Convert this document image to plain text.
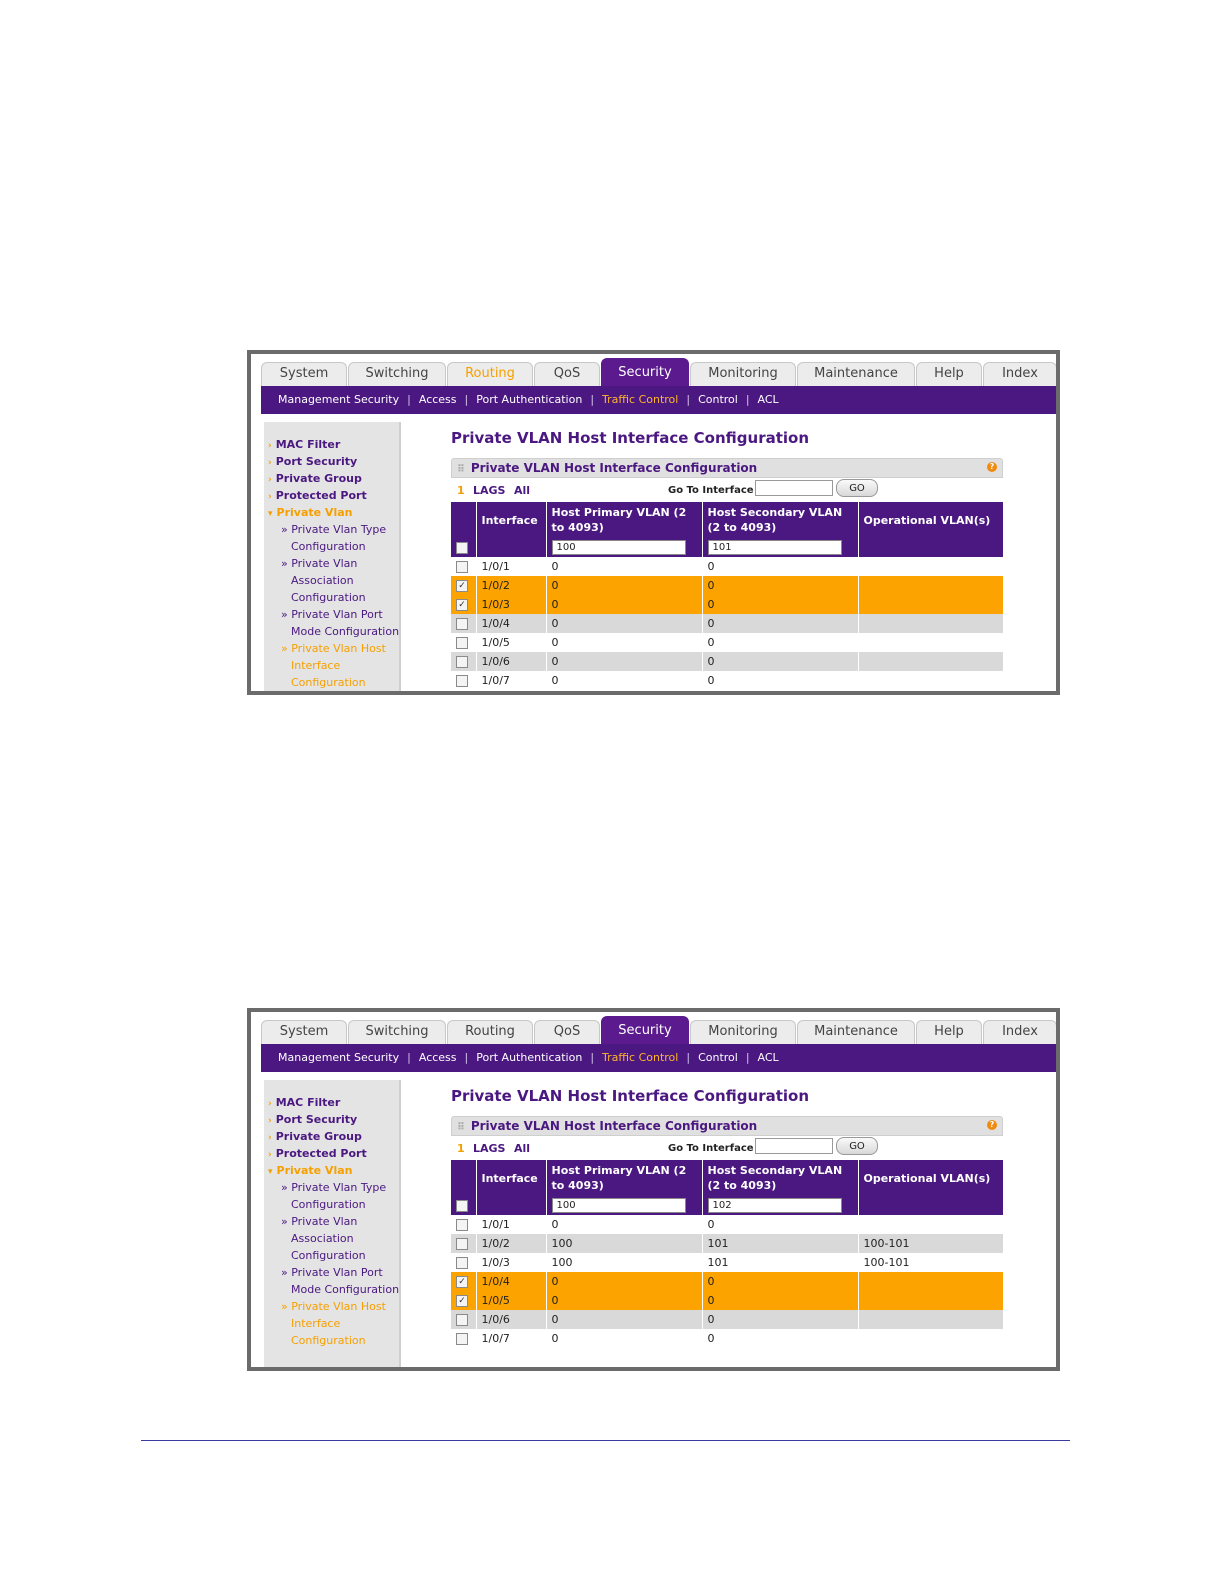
System	Switching	Routing	QoS	Security	Monitoring	Maintenance	Help	Index
Management Security | Access | Port Authentication | Traffic Control | Control | ACL
› MAC Filter
› Port Security
› Private Group
› Protected Port
▾ Private Vlan
» Private Vlan Type
Configuration
» Private Vlan
Association
Configuration
» Private Vlan Port
Mode Configuration
» Private Vlan Host
Interface
Configuration
Private VLAN Host Interface Configuration
⠿ Private VLAN Host Interface Configuration	?
1 LAGS All	Go To Interface	GO
	Interface	Host Primary VLAN (2 to 4093)	Host Secondary VLAN (2 to 4093)	Operational VLAN(s)

		100	101	

	1/0/1	0	0	
✓	1/0/2	0	0	
✓	1/0/3	0	0	
	1/0/4	0	0	
	1/0/5	0	0	
	1/0/6	0	0	
	1/0/7	0	0	
System	Switching	Routing	QoS	Security	Monitoring	Maintenance	Help	Index
Management Security | Access | Port Authentication | Traffic Control | Control | ACL
› MAC Filter
› Port Security
› Private Group
› Protected Port
▾ Private Vlan
» Private Vlan Type
Configuration
» Private Vlan
Association
Configuration
» Private Vlan Port
Mode Configuration
» Private Vlan Host
Interface
Configuration
Private VLAN Host Interface Configuration
⠿ Private VLAN Host Interface Configuration	?
1 LAGS All	Go To Interface	GO
	Interface	Host Primary VLAN (2 to 4093)	Host Secondary VLAN (2 to 4093)	Operational VLAN(s)

		100	102	

	1/0/1	0	0	
	1/0/2	100	101	100-101
	1/0/3	100	101	100-101
✓	1/0/4	0	0	
✓	1/0/5	0	0	
	1/0/6	0	0	
	1/0/7	0	0	
